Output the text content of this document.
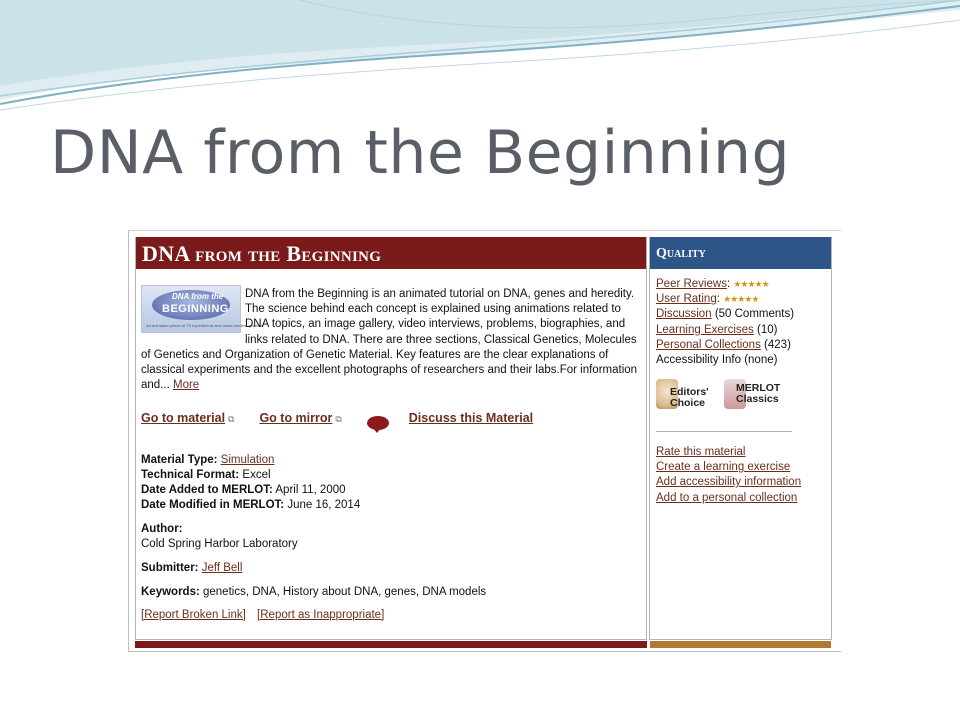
DNA from the Beginning
DNA from the Beginning
DNA from the
BEGINNING
An animated primer of 75 experiments that made modern genetics
DNA from the Beginning is an animated tutorial on DNA, genes and heredity. The science behind each concept is explained using animations related to DNA topics, an image gallery, video interviews, problems, biographies, and links related to DNA. There are three sections, Classical Genetics, Molecules of Genetics and Organization of Genetic Material. Key features are the clear explanations of classical experiments and the excellent photographs of researchers and their labs.For information and... More
Go to material ⧉ Go to mirror ⧉	Discuss this Material
Material Type: Simulation
Technical Format: Excel
Date Added to MERLOT: April 11, 2000
Date Modified in MERLOT: June 16, 2014
Author:
Cold Spring Harbor Laboratory
Submitter: Jeff Bell
Keywords: genetics, DNA, History about DNA, genes, DNA models
[Report Broken Link] [Report as Inappropriate]
Quality
Peer Reviews: ★★★★★
User Rating: ★★★★★
Discussion (50 Comments)
Learning Exercises (10)
Personal Collections (423)
Accessibility Info (none)
Editors'
Choice
MERLOT
Classics
Rate this material
Create a learning exercise
Add accessibility information
Add to a personal collection
